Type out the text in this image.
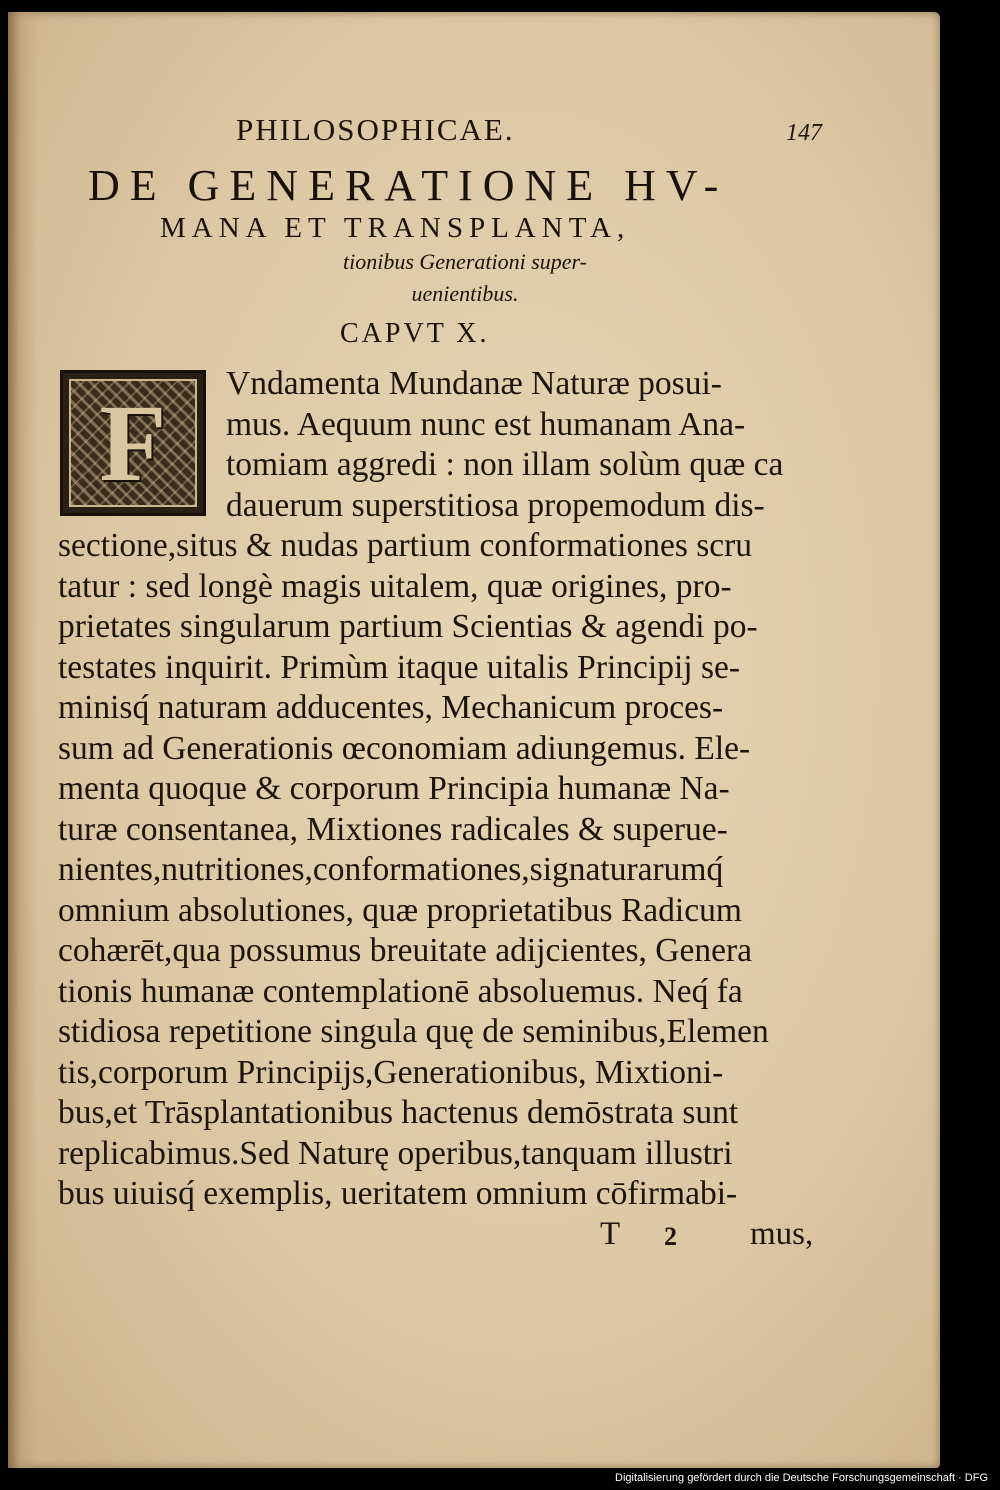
PHILOSOPHICAE.	147
DE GENERATIONE HV-
MANA ET TRANSPLANTA,
tionibus Generationi super-
uenientibus.
CAPVT X.
F	Vndamenta Mundanæ Naturæ posui-
mus. Aequum nunc est humanam Ana-
tomiam aggredi : non illam solùm quæ ca
dauerum superstitiosa propemodum dis-
sectione,situs & nudas partium conformationes scru
tatur : sed longè magis uitalem, quæ origines, pro-
prietates singularum partium Scientias & agendi po-
testates inquirit. Primùm itaque uitalis Principij se-
minisq́ naturam adducentes, Mechanicum proces-
sum ad Generationis œconomiam adiungemus. Ele-
menta quoque & corporum Principia humanæ Na-
turæ consentanea, Mixtiones radicales & superue-
nientes,nutritiones,conformationes,signaturarumq́
omnium absolutiones, quæ proprietatibus Radicum
cohærēt,qua possumus breuitate adijcientes, Genera
tionis humanæ contemplationē absoluemus. Neq́ fa
stidiosa repetitione singula quę de seminibus,Elemen
tis,corporum Principijs,Generationibus, Mixtioni-
bus,et Trāsplantationibus hactenus demōstrata sunt
replicabimus.Sed Naturę operibus,tanquam illustri
bus uiuisq́ exemplis, ueritatem omnium cōfirmabi-
T 2 mus,
Digitalisierung gefördert durch die Deutsche Forschungsgemeinschaft · DFG
